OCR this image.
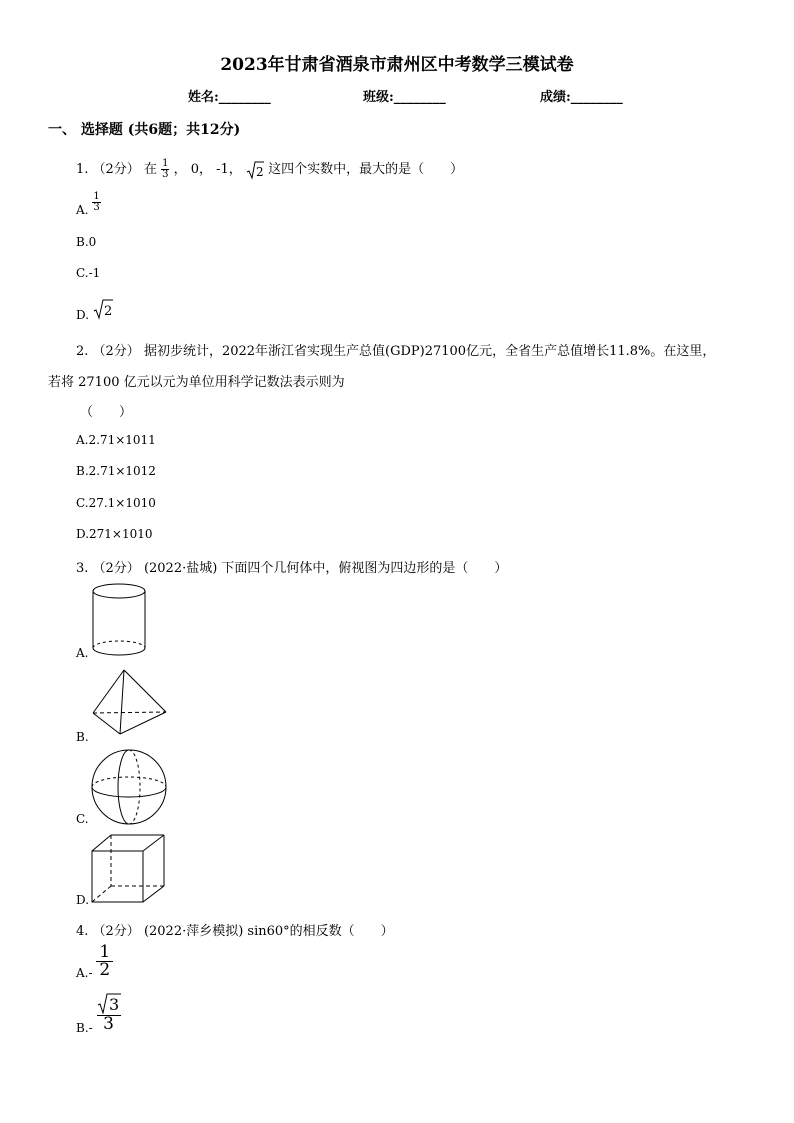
2023年甘肃省酒泉市肃州区中考数学三模试卷
姓名:________	班级:________	成绩:________
一、 选择题 (共6题；共12分)
1. （2分） 在 $\frac{1}{3}$ ， 0， -1， 2 这四个实数中，最大的是（　　）
A. $\frac{1}{3}$
B.0
C.-1
D. 2
2. （2分） 据初步统计，2022年浙江省实现生产总值(GDP)27100亿元，全省生产总值增长11.8%。在这里，
若将 27100 亿元以元为单位用科学记数法表示则为
（　　）
A.2.71×1011
B.2.71×1012
C.27.1×1010
D.271×1010
3. （2分） (2022·盐城) 下面四个几何体中，俯视图为四边形的是（　　）
A.
B.
C.
D.
4. （2分） (2022·萍乡模拟) sin60°的相反数（　　）
$A.- \frac{1}{2}$
$B.- \frac{3}{3}$
